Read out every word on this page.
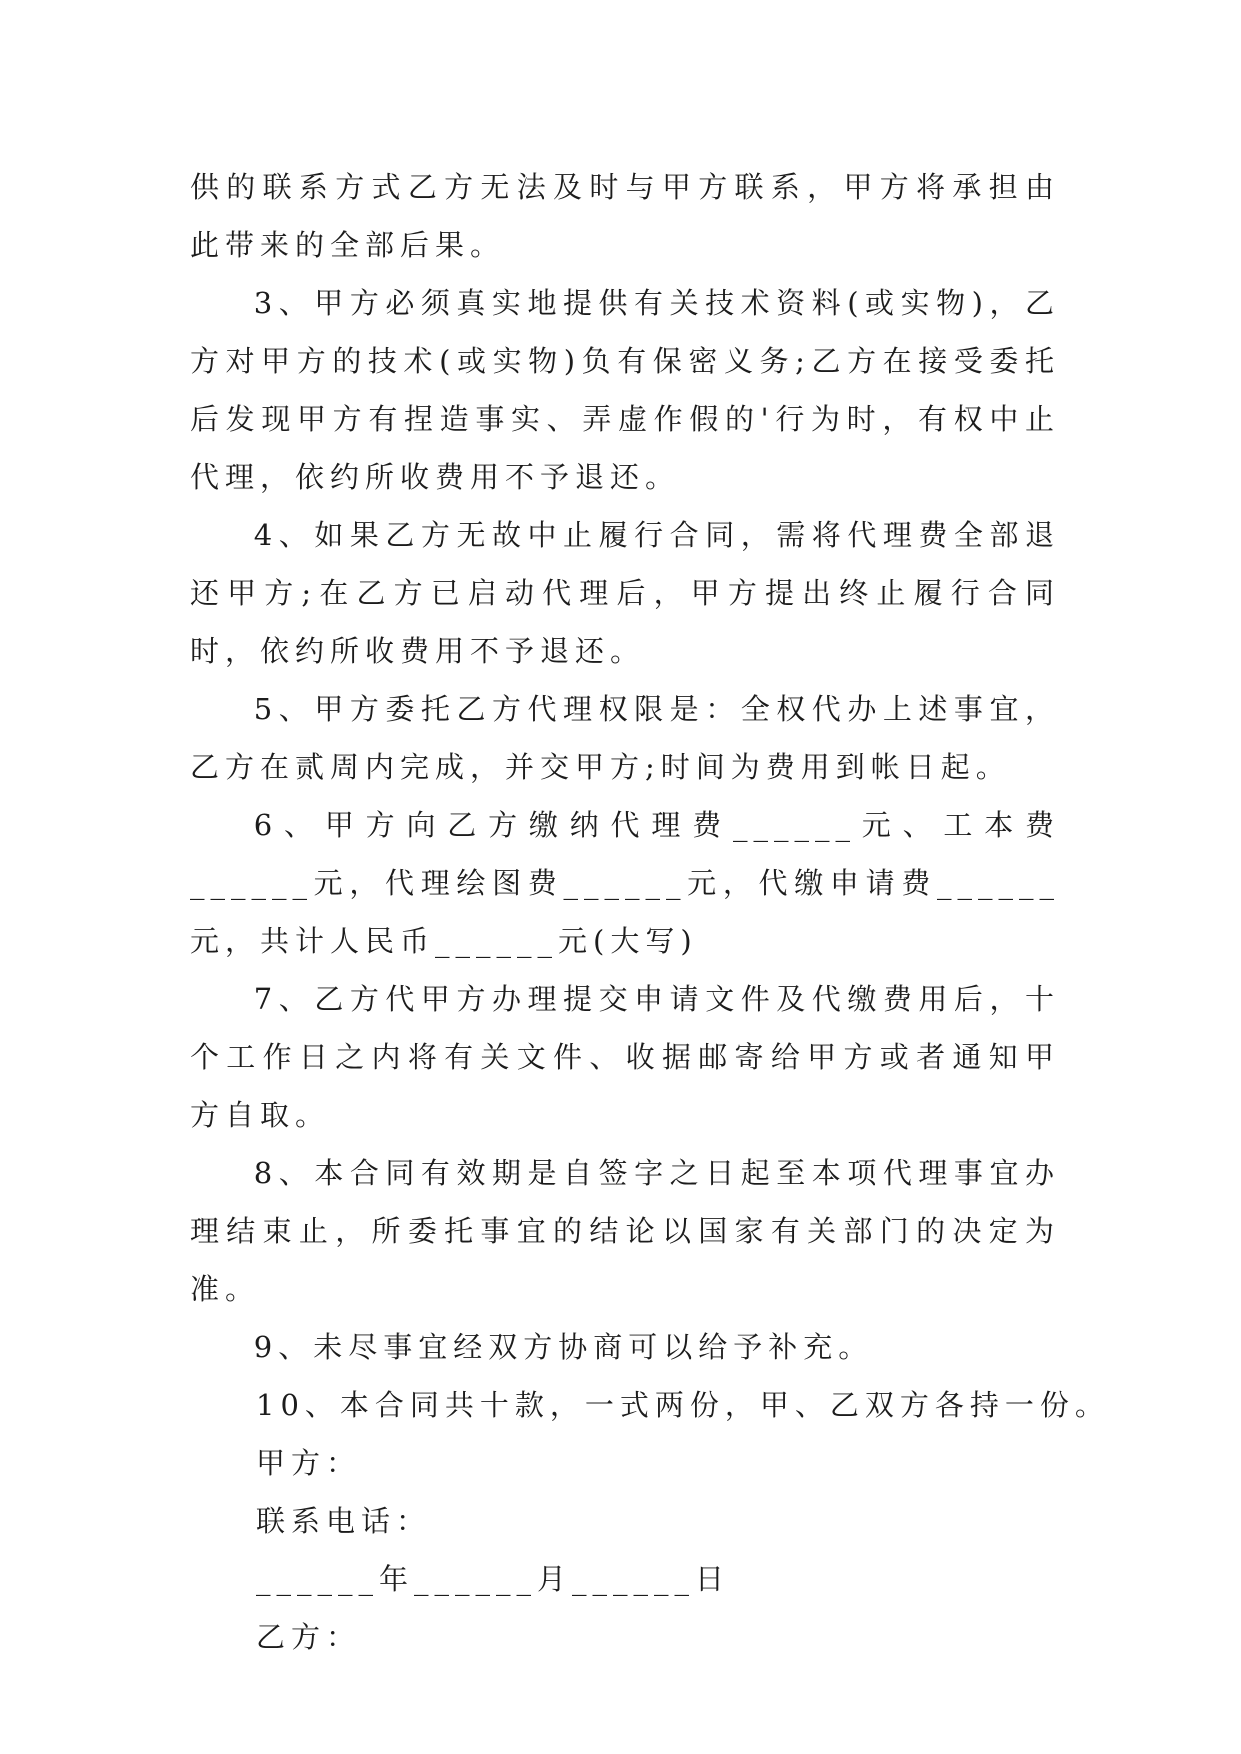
供的联系方式乙方无法及时与甲方联系，甲方将承担由此带来的全部后果。

3、甲方必须真实地提供有关技术资料(或实物)，乙方对甲方的技术(或实物)负有保密义务;乙方在接受委托后发现甲方有捏造事实、弄虚作假的'行为时，有权中止代理，依约所收费用不予退还。

4、如果乙方无故中止履行合同，需将代理费全部退还甲方;在乙方已启动代理后，甲方提出终止履行合同时，依约所收费用不予退还。

5、甲方委托乙方代理权限是：全权代办上述事宜，乙方在贰周内完成，并交甲方;时间为费用到帐日起。

6、甲方向乙方缴纳代理费______元、工本费______元，代理绘图费______元，代缴申请费______元，共计人民币______元(大写)

7、乙方代甲方办理提交申请文件及代缴费用后，十个工作日之内将有关文件、收据邮寄给甲方或者通知甲方自取。

8、本合同有效期是自签字之日起至本项代理事宜办理结束止，所委托事宜的结论以国家有关部门的决定为准。

9、未尽事宜经双方协商可以给予补充。

10、本合同共十款，一式两份，甲、乙双方各持一份。

甲方：

联系电话：

______年______月______日

乙方：
